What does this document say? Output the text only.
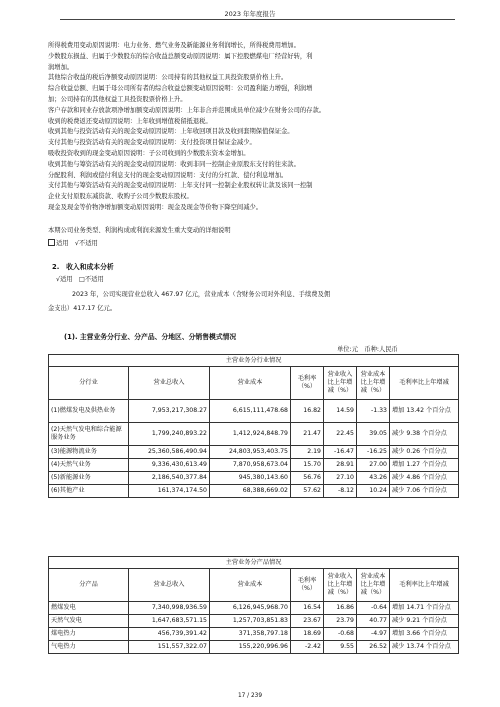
2023 年年度报告
所得税费用变动原因说明：电力业务、燃气业务及新能源业务利润增长，所得税费用增加。
少数股东损益、归属于少数股东的综合收益总额变动原因说明：属下控股燃煤电厂经营好转，利
润增加。
其他综合收益的税后净额变动原因说明：公司持有的其他权益工具投资股票价格上升。
综合收益总额、归属于母公司所有者的综合收益总额变动原因说明：公司盈利能力增强，利润增
加；公司持有的其他权益工具投资股票价格上升。
客户存款和同业存放款项净增加额变动原因说明：上年非合并范围成员单位减少在财务公司的存款。
收到的税费返还变动原因说明：上年收到增值税留抵退税。
收到其他与投资活动有关的现金变动原因说明：上年收回项目款及收到套期保值保证金。
支付其他与投资活动有关的现金变动原因说明：支付投资项目保证金减少。
吸收投资收到的现金变动原因说明：子公司收到的少数股东资本金增加。
收到其他与筹资活动有关的现金变动原因说明：收到非同一控制企业原股东支付的往来款。
分配股利、利润或偿付利息支付的现金变动原因说明：支付的分红款、偿付利息增加。
支付其他与筹资活动有关的现金变动原因说明：上年支付同一控制企业股权转让款及该同一控制
企业支付原股东减资款、收购子公司少数股东股权。
现金及现金等价物净增加额变动原因说明：现金及现金等价物下降空间减少。
本期公司业务类型、利润构成或利润来源发生重大变动的详细说明
适用　 √不适用
2.　收入和成本分析
√适用　□不适用
2023 年，公司实现营业总收入 467.97 亿元，营业成本（含财务公司对外利息、手续费及佣
金支出）417.17 亿元。
(1). 主营业务分行业、分产品、分地区、分销售模式情况
单位:元　币种:人民币
主营业务分行业情况						
分行业	营业总收入	营业成本	毛利率（%）	营业收入比上年增减（%）	营业成本比上年增减（%）	毛利率比上年增减
(1)燃煤发电及供热业务	7,953,217,308.27	6,615,111,478.68	16.82	14.59	-1.33	增加 13.42 个百分点
(2)天然气发电和综合能源服务业务	1,799,240,893.22	1,412,924,848.79	21.47	22.45	39.05	减少 9.38 个百分点
(3)能源物流业务	25,360,586,490.94	24,803,953,403.75	2.19	-16.47	-16.25	减少 0.26 个百分点
(4)天然气业务	9,336,430,613.49	7,870,958,673.04	15.70	28.91	27.00	增加 1.27 个百分点
(5)新能源业务	2,186,540,377.84	945,380,143.60	56.76	27.10	43.26	减少 4.86 个百分点
(6)其他产业	161,374,174.50	68,388,669.02	57.62	-8.12	10.24	减少 7.06 个百分点
主营业务分产品情况						
分产品	营业总收入	营业成本	毛利率（%）	营业收入比上年增减（%）	营业成本比上年增减（%）	毛利率比上年增减
燃煤发电	7,340,998,936.59	6,126,945,968.70	16.54	16.86	-0.64	增加 14.71 个百分点
天然气发电	1,647,683,571.15	1,257,703,851.83	23.67	23.79	40.77	减少 9.21 个百分点
煤电热力	456,739,391.42	371,358,797.18	18.69	-0.68	-4.97	增加 3.66 个百分点
气电热力	151,557,322.07	155,220,996.96	-2.42	9.55	26.52	减少 13.74 个百分点
17 / 239
